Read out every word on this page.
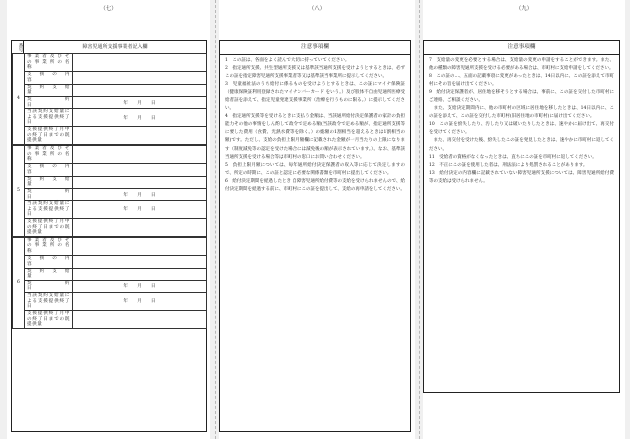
（七）
障害児通所支援事業者記入欄
番号
4	事 業 者 及 び そ の 事 業 所 の 名 称	
	支　援　の　内　容	
	契　約　支　給　量	
	契　　　　　　約　　日	年　　月　　日
	当該契約支給量による支援提供終了日	年　　月　　日
	支援提供終了月中の終了日までの既提供量	
5	事 業 者 及 び そ の 事 業 所 の 名 称	
	支　援　の　内　容	
	契　約　支　給　量	
	契　　　　　　約　　日	年　　月　　日
	当該契約支給量による支援提供終了日	年　　月　　日
	支援提供終了月中の終了日までの既提供量	
6	事 業 者 及 び そ の 事 業 所 の 名 称	
	支　援　の　内　容	
	契　約　支　給　量	
	契　　　　　　約　　日	年　　月　　日
	当該契約支給量による支援提供終了日	年　　月　　日
	支援提供終了月中の終了日までの既提供量	
（八）
注意事項欄

1　この証は、各面をよく読んで大切に持っていてください。

2　指定通所支援、共生型通所支援又は基準該当通所支援を受けようとするときは、必ずこの証を指定障害児通所支援事業者等又は基準該当事業所に提示してください。

3　児童福祉法のうち給付に係るものを受けようとするときは、この証にマイナ保険証（健康保険証利用登録されたマイナンバーカード をいう。）及び股体不自由児通所医療受給者証を添えて、指定児童発達支援事業所（治療を行うものに限る。）に提示してください。

4　指定通所支援等を受けるときに支払う金額は、当該通所給付決定保護者の家計の負担能力その他の事情をしん酌して政令で定める額(当該政令で定める額が、指定通所支援等に要した費用（食費、光熱水費等を除く。）の総額の1割相当を超えるときは1割相当の額)です。ただし、支給の負担上限月額欄に記載された金額が一月当たりの上限になります（制度減免等の認定を受けた場合には減免後の額が表示されています。）。なお、基準該当通所支援を受ける場合等は市町村の窓口にお問い合わせください。

5　負担上限月額については、毎年通所給付決定保護者の収入等に応じて決定しますので、所定の時期に、この証と認定に必要な関係書類を市町村に提出してください。

6　給付決定期間を経過したとき 自障害児通所給付費等の支給を受けられませんので、給付決定期間を経過する前に、市町村にこの証を提出して、支給の再申請をしてください。

（九）
注意事項欄

7　支給量の変更を必要とする場合は、支給量の変更の申請をすることができます。また、他の種類の障害児通所支援を受ける必要がある場合は、市町村に支給申請をしてください。

8　この証の…、五面の記載事項に変更があったときは、14日以内に、この証を添えて市町村にその旨を届け出てください。

9　給付決定保護者が、居住地を移そうとする場合は、事前に、この証を交付した市町村にご連絡、ご相談ください。

　また、支給決定期間内に、他の市町村の区域に居住地を移したときは、14日以内に、この証を添えて、この証を交付した市町村(旧居住地の市町村)に届け出てください。

10　この証を紛失したり、汚したり又は破いたりしたときは、速やかに届け出て、再交付を受けてください。

　また、再交付を受けた後、紛失したこの証を発見したときは、速やかに市町村に返してください。

11　受給者の資格がなくなったときは、直ちにこの証を市町村に返してください。

12　不正にこの証を使用した者は、刑法法により処罰されることがあります。

13　給付決定の内容欄に記載されていない障害児通所支援については、障害児通所給付費等の支給は受けられません。
